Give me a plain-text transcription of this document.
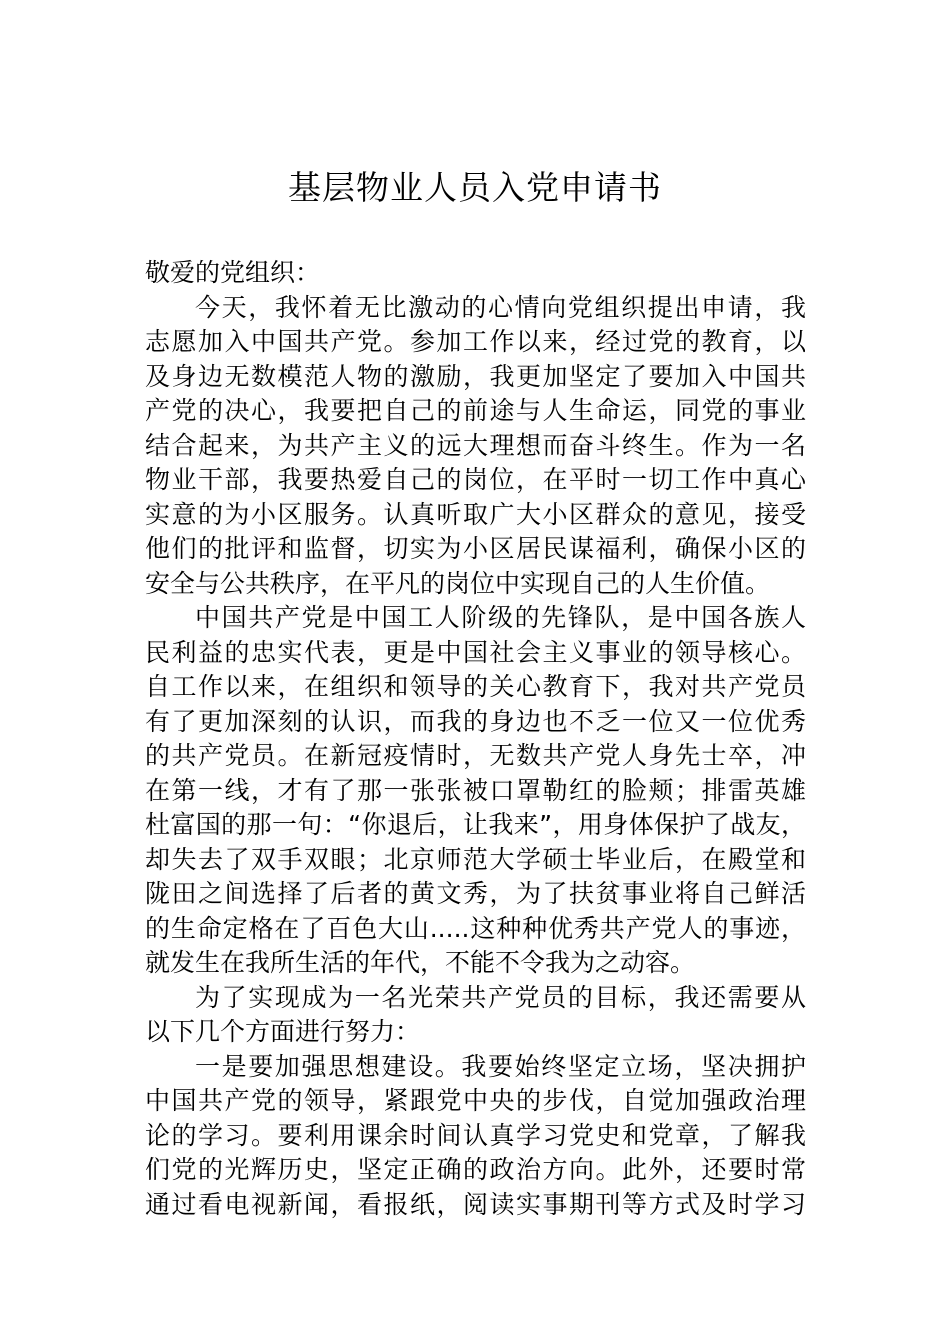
基层物业人员入党申请书
敬爱的党组织：
今天，我怀着无比激动的心情向党组织提出申请，我
志愿加入中国共产党。参加工作以来，经过党的教育，以
及身边无数模范人物的激励，我更加坚定了要加入中国共
产党的决心，我要把自己的前途与人生命运，同党的事业
结合起来，为共产主义的远大理想而奋斗终生。作为一名
物业干部，我要热爱自己的岗位，在平时一切工作中真心
实意的为小区服务。认真听取广大小区群众的意见，接受
他们的批评和监督，切实为小区居民谋福利，确保小区的
安全与公共秩序，在平凡的岗位中实现自己的人生价值。
中国共产党是中国工人阶级的先锋队，是中国各族人
民利益的忠实代表，更是中国社会主义事业的领导核心。
自工作以来，在组织和领导的关心教育下，我对共产党员
有了更加深刻的认识，而我的身边也不乏一位又一位优秀
的共产党员。在新冠疫情时，无数共产党人身先士卒，冲
在第一线，才有了那一张张被口罩勒红的脸颊；排雷英雄
杜富国的那一句：“你退后，让我来”，用身体保护了战友，
却失去了双手双眼；北京师范大学硕士毕业后，在殿堂和
陇田之间选择了后者的黄文秀，为了扶贫事业将自己鲜活
的生命定格在了百色大山.....这种种优秀共产党人的事迹，
就发生在我所生活的年代，不能不令我为之动容。
为了实现成为一名光荣共产党员的目标，我还需要从
以下几个方面进行努力：
一是要加强思想建设。我要始终坚定立场，坚决拥护
中国共产党的领导，紧跟党中央的步伐，自觉加强政治理
论的学习。要利用课余时间认真学习党史和党章，了解我
们党的光辉历史，坚定正确的政治方向。此外，还要时常
通过看电视新闻，看报纸，阅读实事期刊等方式及时学习
